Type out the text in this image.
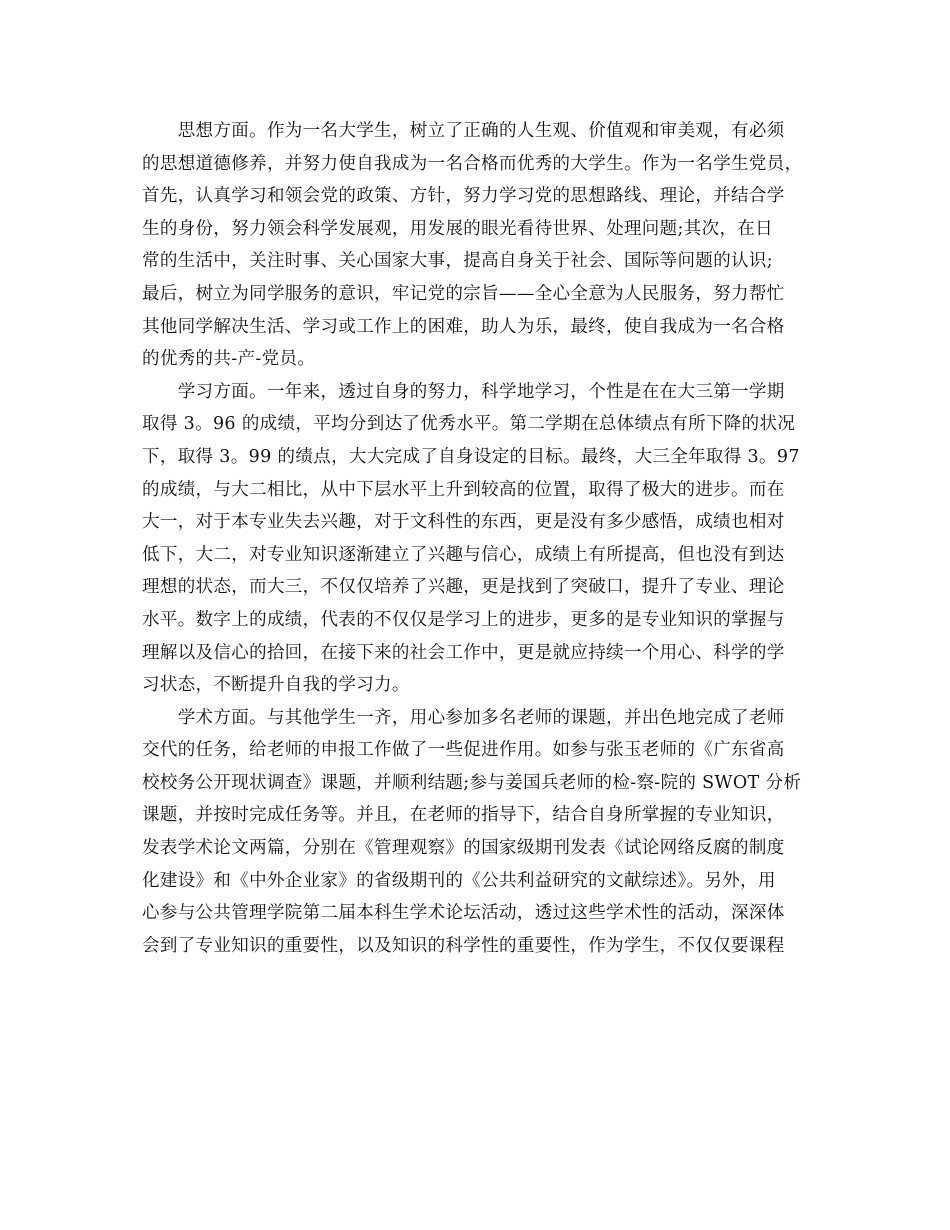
　　思想方面。作为一名大学生，树立了正确的人生观、价值观和审美观，有必须
的思想道德修养，并努力使自我成为一名合格而优秀的大学生。作为一名学生党员，
首先，认真学习和领会党的政策、方针，努力学习党的思想路线、理论，并结合学
生的身份，努力领会科学发展观，用发展的眼光看待世界、处理问题;其次，在日
常的生活中，关注时事、关心国家大事，提高自身关于社会、国际等问题的认识;
最后，树立为同学服务的意识，牢记党的宗旨——全心全意为人民服务，努力帮忙
其他同学解决生活、学习或工作上的困难，助人为乐，最终，使自我成为一名合格
的优秀的共-产-党员。
　　学习方面。一年来，透过自身的努力，科学地学习，个性是在在大三第一学期
取得 3。96 的成绩，平均分到达了优秀水平。第二学期在总体绩点有所下降的状况
下，取得 3。99 的绩点，大大完成了自身设定的目标。最终，大三全年取得 3。97
的成绩，与大二相比，从中下层水平上升到较高的位置，取得了极大的进步。而在
大一，对于本专业失去兴趣，对于文科性的东西，更是没有多少感悟，成绩也相对
低下，大二，对专业知识逐渐建立了兴趣与信心，成绩上有所提高，但也没有到达
理想的状态，而大三，不仅仅培养了兴趣，更是找到了突破口，提升了专业、理论
水平。数字上的成绩，代表的不仅仅是学习上的进步，更多的是专业知识的掌握与
理解以及信心的拾回，在接下来的社会工作中，更是就应持续一个用心、科学的学
习状态，不断提升自我的学习力。
　　学术方面。与其他学生一齐，用心参加多名老师的课题，并出色地完成了老师
交代的任务，给老师的申报工作做了一些促进作用。如参与张玉老师的《广东省高
校校务公开现状调查》课题，并顺利结题;参与姜国兵老师的检-察-院的 SWOT 分析
课题，并按时完成任务等。并且，在老师的指导下，结合自身所掌握的专业知识，
发表学术论文两篇，分别在《管理观察》的国家级期刊发表《试论网络反腐的制度
化建设》和《中外企业家》的省级期刊的《公共利益研究的文献综述》。另外，用
心参与公共管理学院第二届本科生学术论坛活动，透过这些学术性的活动，深深体
会到了专业知识的重要性，以及知识的科学性的重要性，作为学生，不仅仅要课程
